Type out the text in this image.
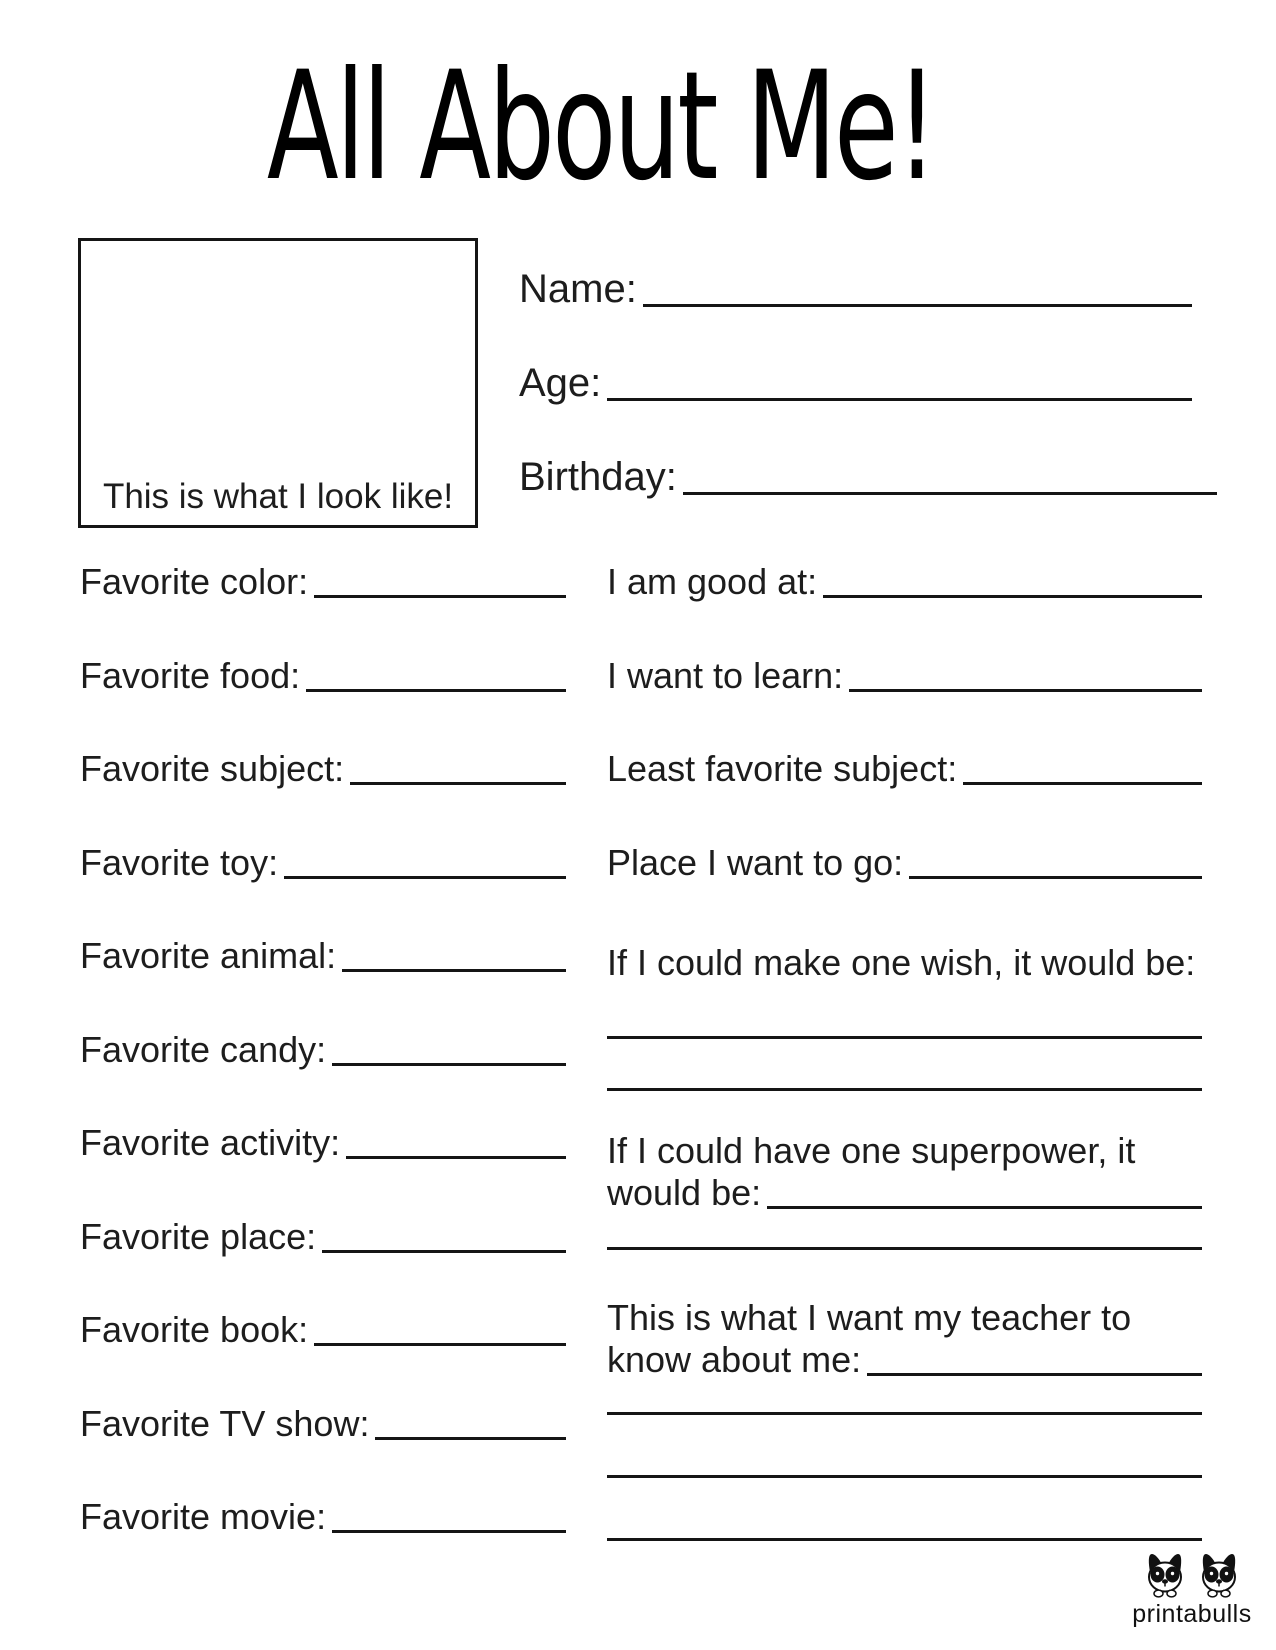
All About Me!
This is what I look like!
Name:
Age:
Birthday:
Favorite color:
Favorite food:
Favorite subject:
Favorite toy:
Favorite animal:
Favorite candy:
Favorite activity:
Favorite place:
Favorite book:
Favorite TV show:
Favorite movie:
I am good at:
I want to learn:
Least favorite subject:
Place I want to go:
If I could make one wish, it would be:
If I could have one superpower, it
would be:
This is what I want my teacher to
know about me:
printabulls
